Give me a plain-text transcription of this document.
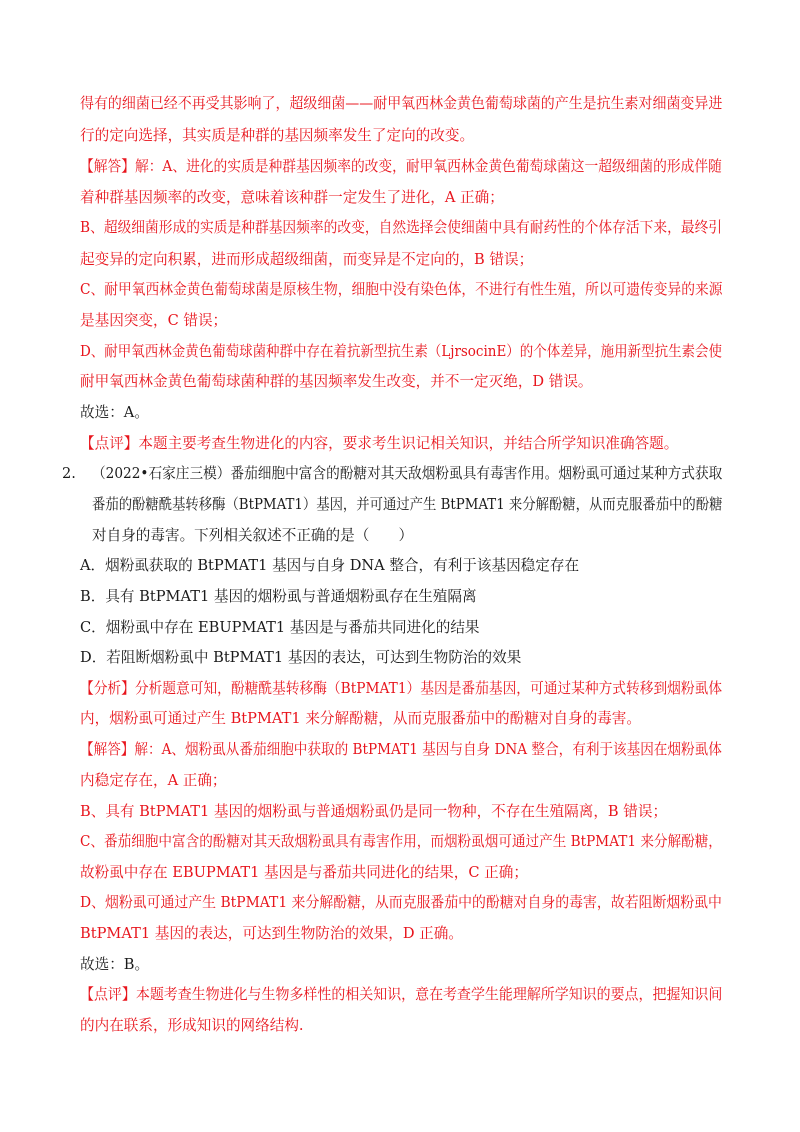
得有的细菌已经不再受其影响了，超级细菌——耐甲氧西林金黄色葡萄球菌的产生是抗生素对细菌变异进
行的定向选择，其实质是种群的基因频率发生了定向的改变。
【解答】解：A、进化的实质是种群基因频率的改变，耐甲氧西林金黄色葡萄球菌这一超级细菌的形成伴随
着种群基因频率的改变，意味着该种群一定发生了进化，A 正确；
B、超级细菌形成的实质是种群基因频率的改变，自然选择会使细菌中具有耐药性的个体存活下来，最终引
起变异的定向积累，进而形成超级细菌，而变异是不定向的，B 错误；
C、耐甲氧西林金黄色葡萄球菌是原核生物，细胞中没有染色体，不进行有性生殖，所以可遗传变异的来源
是基因突变，C 错误；
D、耐甲氧西林金黄色葡萄球菌种群中存在着抗新型抗生素（LjrsocinE）的个体差异，施用新型抗生素会使
耐甲氧西林金黄色葡萄球菌种群的基因频率发生改变，并不一定灭绝，D 错误。
故选：A。
【点评】本题主要考查生物进化的内容，要求考生识记相关知识，并结合所学知识准确答题。
2. （2022•石家庄三模）番茄细胞中富含的酚糖对其天敌烟粉虱具有毒害作用。烟粉虱可通过某种方式获取
番茄的酚糖酰基转移酶（BtPMAT1）基因，并可通过产生 BtPMAT1 来分解酚糖，从而克服番茄中的酚糖
对自身的毒害。下列相关叙述不正确的是（　　）
A．烟粉虱获取的 BtPMAT1 基因与自身 DNA 整合，有利于该基因稳定存在
B．具有 BtPMAT1 基因的烟粉虱与普通烟粉虱存在生殖隔离
C．烟粉虱中存在 EBUPMAT1 基因是与番茄共同进化的结果
D．若阻断烟粉虱中 BtPMAT1 基因的表达，可达到生物防治的效果
【分析】分析题意可知，酚糖酰基转移酶（BtPMAT1）基因是番茄基因，可通过某种方式转移到烟粉虱体
内，烟粉虱可通过产生 BtPMAT1 来分解酚糖，从而克服番茄中的酚糖对自身的毒害。
【解答】解：A、烟粉虱从番茄细胞中获取的 BtPMAT1 基因与自身 DNA 整合，有利于该基因在烟粉虱体
内稳定存在，A 正确；
B、具有 BtPMAT1 基因的烟粉虱与普通烟粉虱仍是同一物种，不存在生殖隔离，B 错误；
C、番茄细胞中富含的酚糖对其天敌烟粉虱具有毒害作用，而烟粉虱烟可通过产生 BtPMAT1 来分解酚糖，
故粉虱中存在 EBUPMAT1 基因是与番茄共同进化的结果，C 正确；
D、烟粉虱可通过产生 BtPMAT1 来分解酚糖，从而克服番茄中的酚糖对自身的毒害，故若阻断烟粉虱中
BtPMAT1 基因的表达，可达到生物防治的效果，D 正确。
故选：B。
【点评】本题考查生物进化与生物多样性的相关知识，意在考查学生能理解所学知识的要点，把握知识间
的内在联系，形成知识的网络结构.
